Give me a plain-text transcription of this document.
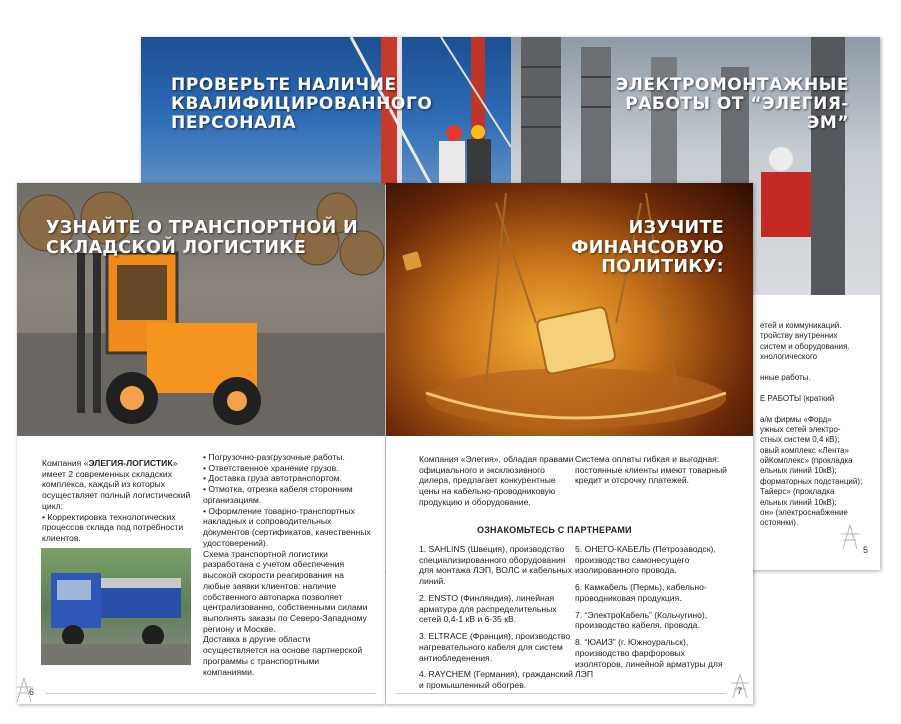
ПРОВЕРЬТЕ НАЛИЧИЕ
КВАЛИФИЦИРОВАННОГО
ПЕРСОНАЛА
ЭЛЕКТРОМОНТАЖНЫЕ
РАБОТЫ ОТ “ЭЛЕГИЯ-ЭМ”
етей и коммуникаций.
тройству внутренних
систем и оборудования.
хнологического

нные работы.

Е РАБОТЫ (краткий

а/м фирмы «Форд»
ужных сетей электро-
стных систем 0,4 кВ);
овый комплекс «Лента»
ойКомплекс» (прокладка
ельных линий 10кВ);
форматорных подстанций);
Тайерс» (прокладка
ельных линий 10кВ);
он» (электроснабжение
остоянки).
5
УЗНАЙТЕ О ТРАНСПОРТНОЙ И
СКЛАДСКОЙ ЛОГИСТИКЕ
Компания «ЭЛЕГИЯ-ЛОГИСТИК»
имеет 2 современных складских
комплекса, каждый из которых
осуществляет полный логистический
цикл:
• Корректировка технологических
процессов склада под потребности
клиентов.
• Погрузочно-разгрузочные работы.
• Ответственное хранение грузов.
• Доставка груза автотранспортом.
• Отмотка, отрезка кабеля сторонним
организациям.
• Оформление товарно-транспортных
накладных и сопроводительных
документов (сертификатов, качественных
удостоверений).
Схема транспортной логистики
разработана с учетом обеспечения
высокой скорости реагирования на
любые заявки клиентов: наличие
собственного автопарка позволяет
централизованно, собственными силами
выполнять заказы по Северо-Западному
региону и Москве.
Доставка в другие области
осуществляется на основе партнерской
программы с транспортными
компаниями.
6
ИЗУЧИТЕ ФИНАНСОВУЮ
ПОЛИТИКУ:
Компания «Элегия», обладая правами
официального и эксклюзивного
дилера, предлагает конкурентные
цены на кабельно-проводниковую
продукцию и оборудование.
Система оплаты гибкая и выгодная:
постоянные клиенты имеют товарный
кредит и отсрочку платежей.
ОЗНАКОМЬТЕСЬ С ПАРТНЕРАМИ
1. SAHLINS (Швеция), производство
специализированного оборудования
для монтажа ЛЭП, ВОЛС и кабельных
линий.
2. ENSTO (Финляндия), линейная
арматура для распределительных
сетей 0,4-1 кВ и 6-35 кВ.
3. ELTRACE (Франция), производство
нагревательного кабеля для систем
антиобледенения.
4. RAYCHEM (Германия), гражданский
и промышленный обогрев.
5. ОНЕГО-КАБЕЛЬ (Петрозаводск),
производство самонесущего
изолированного провода.
6. Камкабель (Пермь), кабельно-
проводниковая продукция.
7. “ЭлектроКабель” (Кольчугино),
производство кабеля, провода.
8. “ЮАИЗ” (г. Южноуральск),
производство фарфоровых
изоляторов, линейной арматуры для
ЛЭП
7
